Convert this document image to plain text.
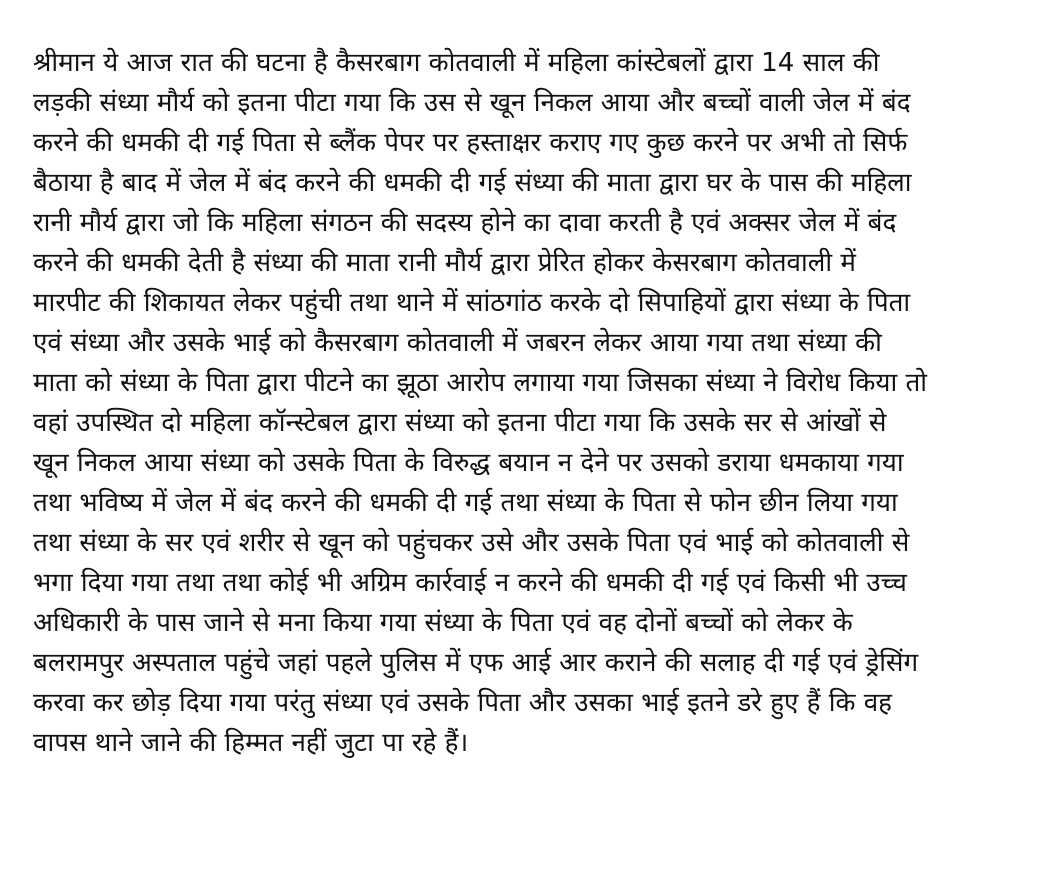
श्रीमान ये आज रात की घटना है कैसरबाग कोतवाली में महिला कांस्टेबलों द्वारा 14 साल की
लड़की संध्या मौर्य को इतना पीटा गया कि उस से खून निकल आया और बच्चों वाली जेल में बंद
करने की धमकी दी गई पिता से ब्लैंक पेपर पर हस्ताक्षर कराए गए कुछ करने पर अभी तो सिर्फ
बैठाया है बाद में जेल में बंद करने की धमकी दी गई संध्या की माता द्वारा घर के पास की महिला
रानी मौर्य द्वारा जो कि महिला संगठन की सदस्य होने का दावा करती है एवं अक्सर जेल में बंद
करने की धमकी देती है संध्या की माता रानी मौर्य द्वारा प्रेरित होकर केसरबाग कोतवाली में
मारपीट की शिकायत लेकर पहुंची तथा थाने में सांठगांठ करके दो सिपाहियों द्वारा संध्या के पिता
एवं संध्या और उसके भाई को कैसरबाग कोतवाली में जबरन लेकर आया गया तथा संध्या की
माता को संध्या के पिता द्वारा पीटने का झूठा आरोप लगाया गया जिसका संध्या ने विरोध किया तो
वहां उपस्थित दो महिला कॉन्स्टेबल द्वारा संध्या को इतना पीटा गया कि उसके सर से आंखों से
खून निकल आया संध्या को उसके पिता के विरुद्ध बयान न देने पर उसको डराया धमकाया गया
तथा भविष्य में जेल में बंद करने की धमकी दी गई तथा संध्या के पिता से फोन छीन लिया गया
तथा संध्या के सर एवं शरीर से खून को पहुंचकर उसे और उसके पिता एवं भाई को कोतवाली से
भगा दिया गया तथा तथा कोई भी अग्रिम कार्रवाई न करने की धमकी दी गई एवं किसी भी उच्च
अधिकारी के पास जाने से मना किया गया संध्या के पिता एवं वह दोनों बच्चों को लेकर के
बलरामपुर अस्पताल पहुंचे जहां पहले पुलिस में एफ आई आर कराने की सलाह दी गई एवं ड्रेसिंग
करवा कर छोड़ दिया गया परंतु संध्या एवं उसके पिता और उसका भाई इतने डरे हुए हैं कि वह
वापस थाने जाने की हिम्मत नहीं जुटा पा रहे हैं।
